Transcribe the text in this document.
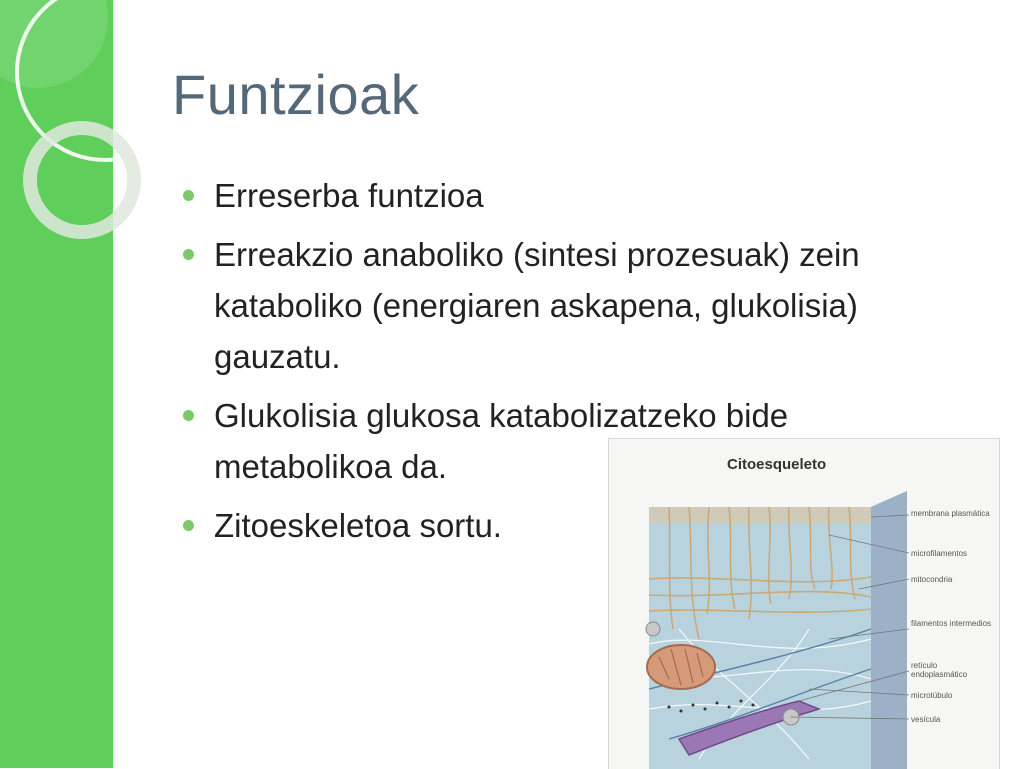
Funtzioak
Erreserba funtzioa
Erreakzio anaboliko (sintesi prozesuak) zein kataboliko (energiaren askapena, glukolisia) gauzatu.
Glukolisia glukosa katabolizatzeko bide metabolikoa da.
Zitoeskeletoa sortu.
Citoesqueleto
membrana plasmática
microfilamentos
mitocondria
filamentos intermedios
retículo endoplasmático
microtúbulo
vesícula
